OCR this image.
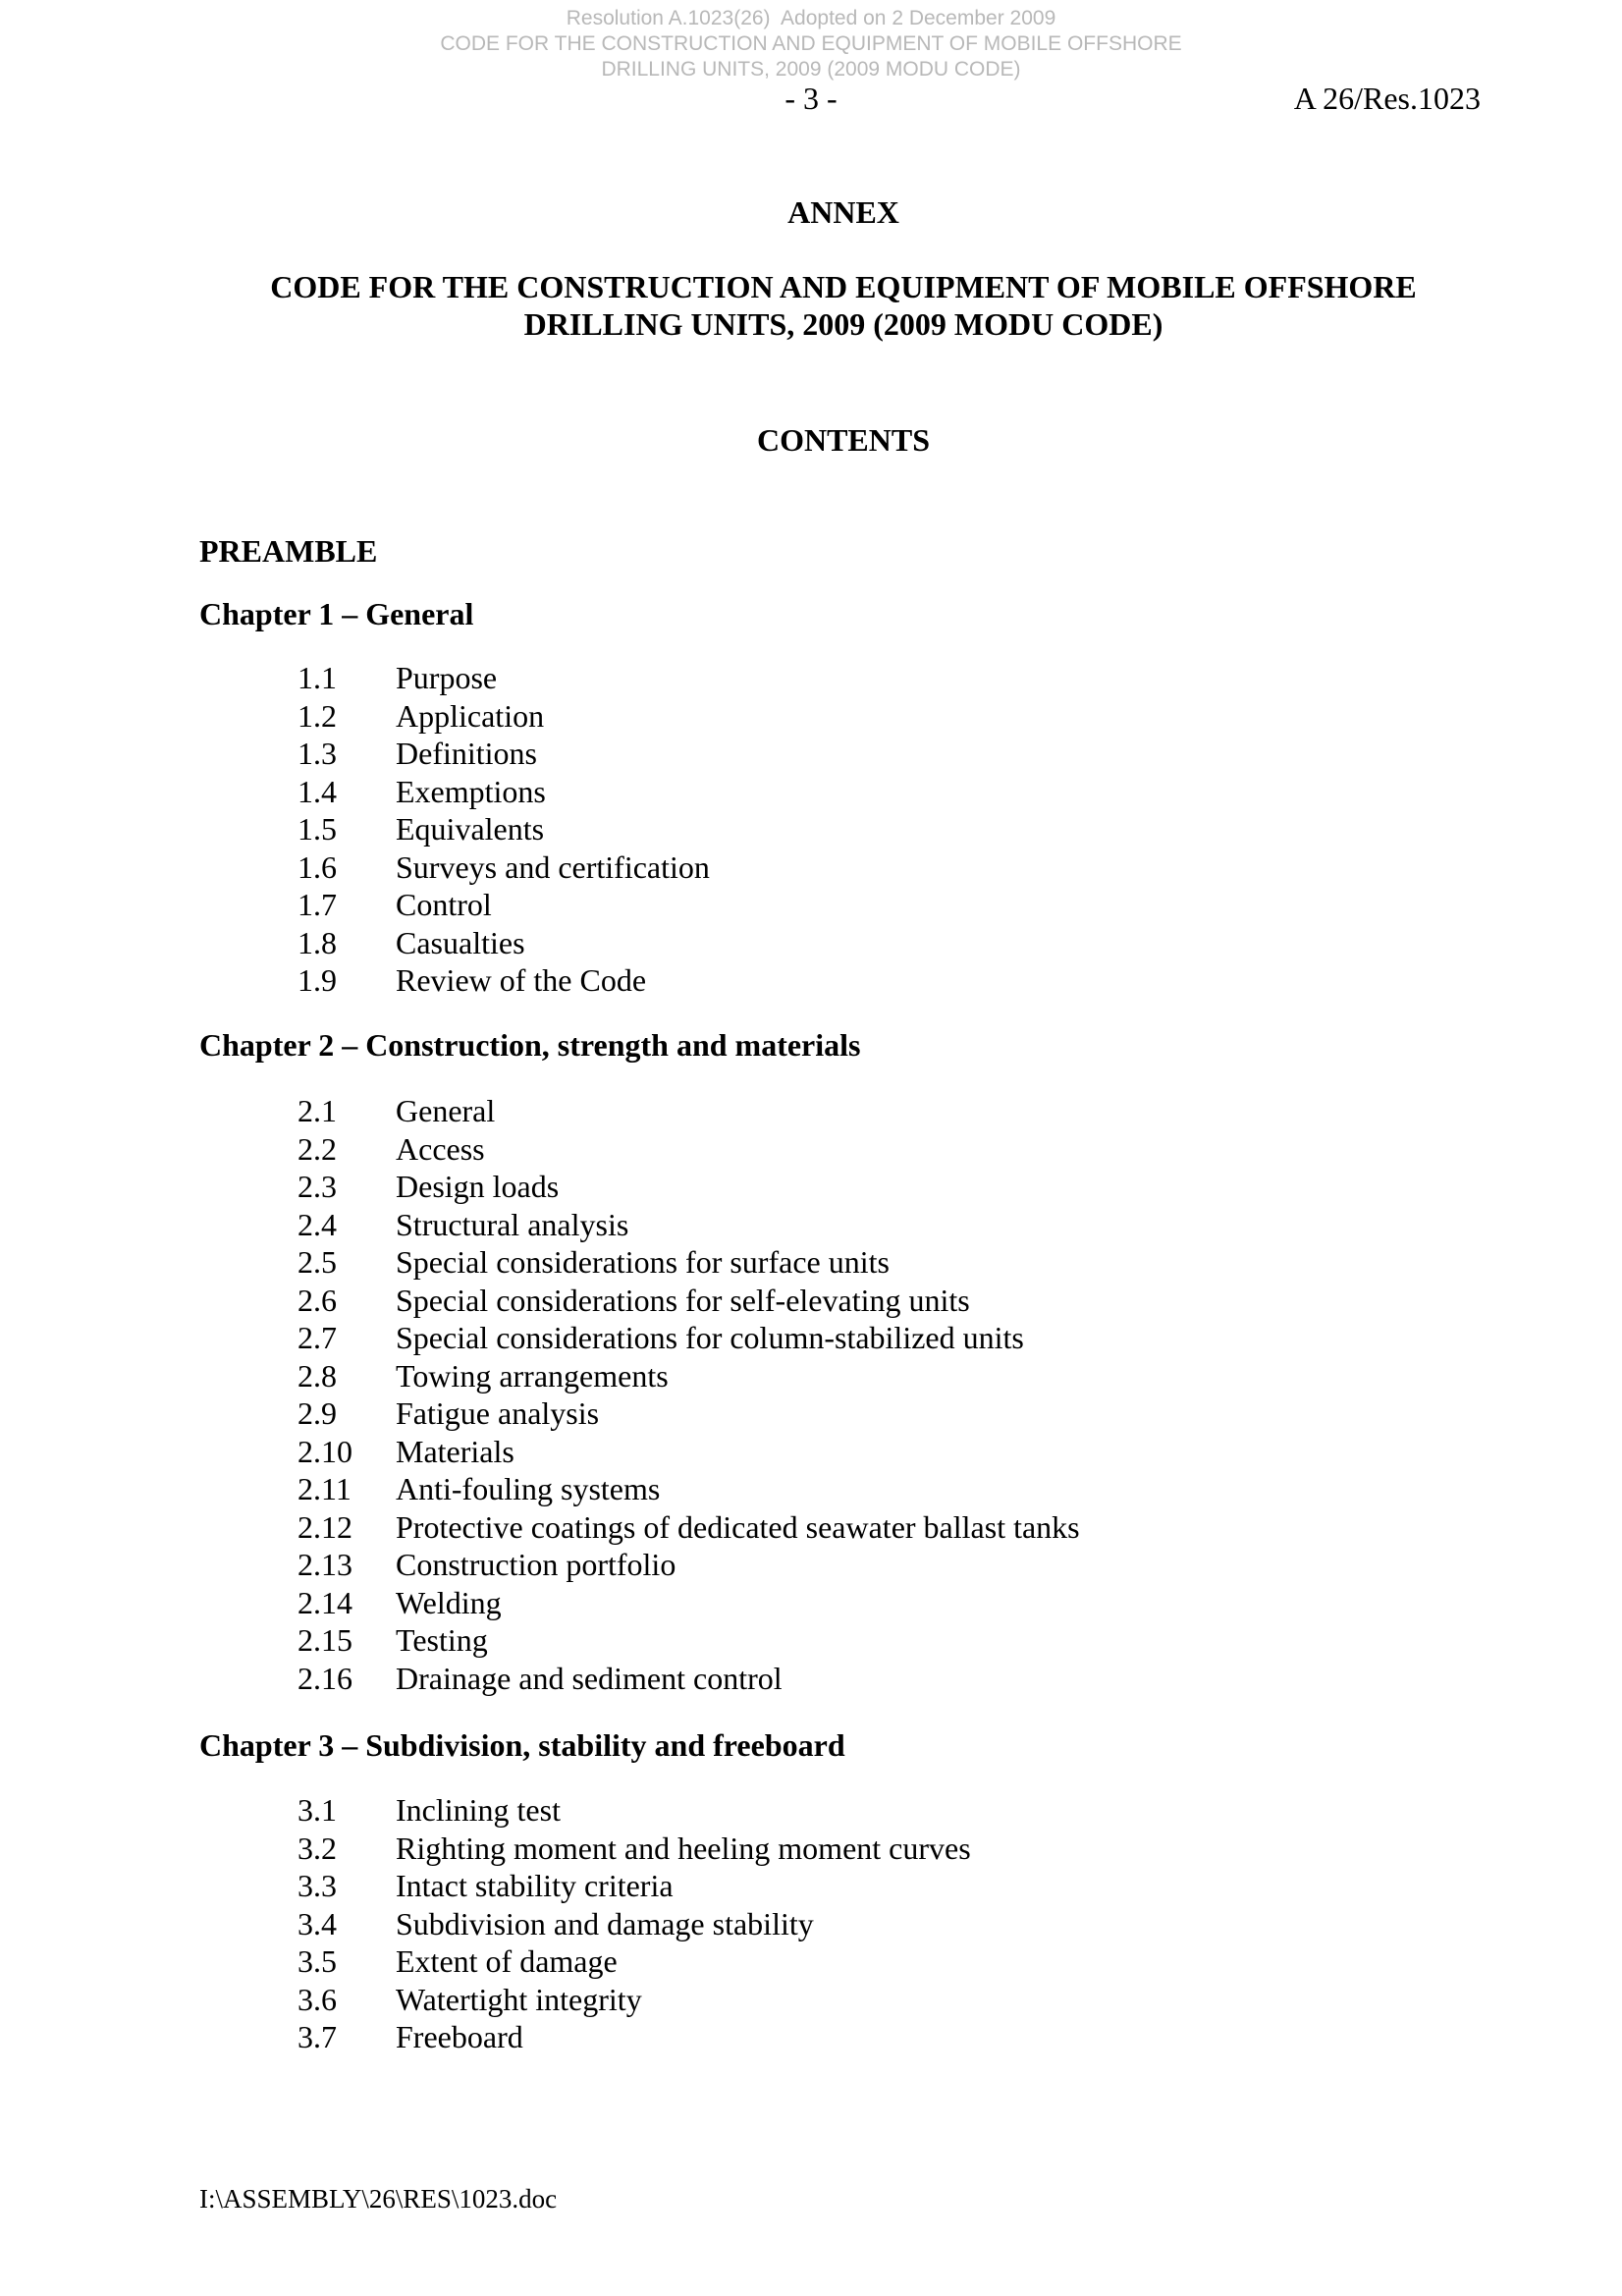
Resolution A.1023(26)  Adopted on 2 December 2009
CODE FOR THE CONSTRUCTION AND EQUIPMENT OF MOBILE OFFSHORE
DRILLING UNITS, 2009 (2009 MODU CODE)
- 3 -	A 26/Res.1023
ANNEX
CODE FOR THE CONSTRUCTION AND EQUIPMENT OF MOBILE OFFSHORE
DRILLING UNITS, 2009 (2009 MODU CODE)
CONTENTS
PREAMBLE
Chapter 1 – General
1.1	Purpose
1.2	Application
1.3	Definitions
1.4	Exemptions
1.5	Equivalents
1.6	Surveys and certification
1.7	Control
1.8	Casualties
1.9	Review of the Code
Chapter 2 – Construction, strength and materials
2.1	General
2.2	Access
2.3	Design loads
2.4	Structural analysis
2.5	Special considerations for surface units
2.6	Special considerations for self-elevating units
2.7	Special considerations for column-stabilized units
2.8	Towing arrangements
2.9	Fatigue analysis
2.10	Materials
2.11	Anti-fouling systems
2.12	Protective coatings of dedicated seawater ballast tanks
2.13	Construction portfolio
2.14	Welding
2.15	Testing
2.16	Drainage and sediment control
Chapter 3 – Subdivision, stability and freeboard
3.1	Inclining test
3.2	Righting moment and heeling moment curves
3.3	Intact stability criteria
3.4	Subdivision and damage stability
3.5	Extent of damage
3.6	Watertight integrity
3.7	Freeboard
I:\ASSEMBLY\26\RES\1023.doc
